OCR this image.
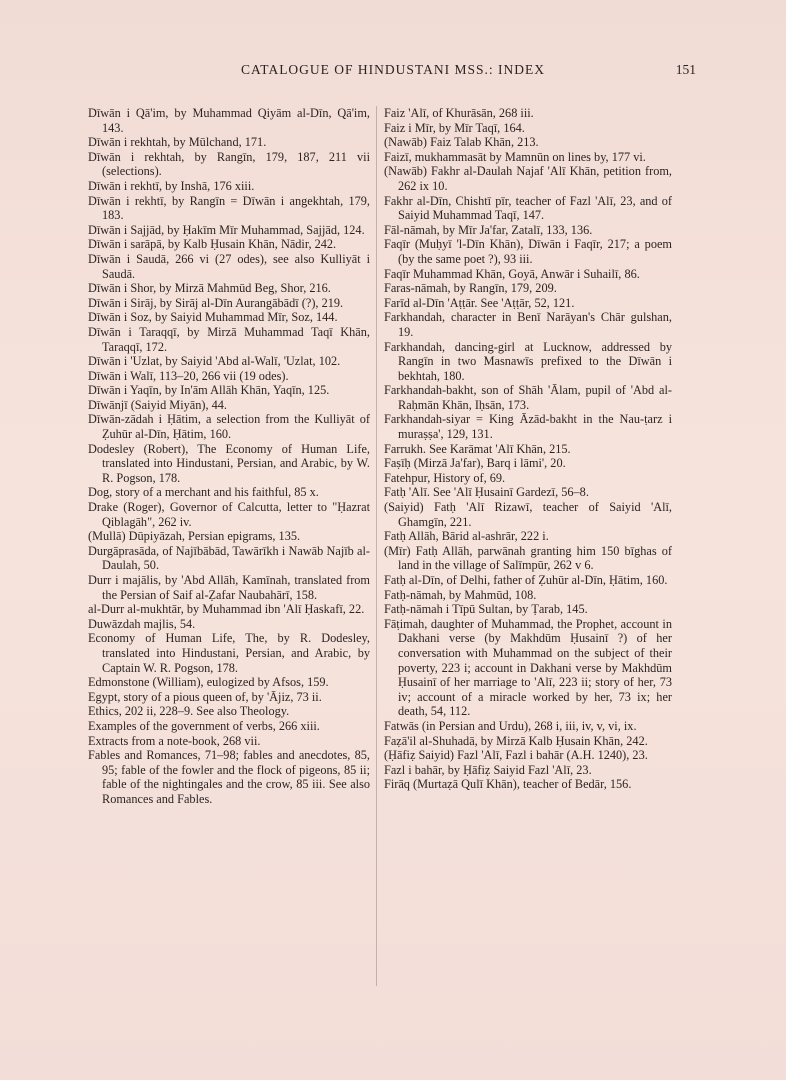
CATALOGUE OF HINDUSTANI MSS.: INDEX	151

Dīwān i Qā'im, by Muhammad Qiyām al-Dīn, Qā'im, 143.

Dīwān i rekhtah, by Mūlchand, 171.

Dīwān i rekhtah, by Rangīn, 179, 187, 211 vii (selections).

Dīwān i rekhtī, by Inshā, 176 xiii.

Dīwān i rekhtī, by Rangīn = Dīwān i angekhtah, 179, 183.

Dīwān i Sajjād, by Ḥakīm Mīr Muhammad, Sajjād, 124.

Dīwān i sarāpā, by Kalb Ḥusain Khān, Nādir, 242.

Dīwān i Saudā, 266 vi (27 odes), see also Kulliyāt i Saudā.

Dīwān i Shor, by Mirzā Mahmūd Beg, Shor, 216.

Dīwān i Sirāj, by Sirāj al-Dīn Aurangābādī (?), 219.

Dīwān i Soz, by Saiyid Muhammad Mīr, Soz, 144.

Dīwān i Taraqqī, by Mirzā Muhammad Taqī Khān, Taraqqī, 172.

Dīwān i 'Uzlat, by Saiyid 'Abd al-Walī, 'Uzlat, 102.

Dīwān i Walī, 113–20, 266 vii (19 odes).

Dīwān i Yaqīn, by In'ām Allāh Khān, Yaqīn, 125.

Dīwānjī (Saiyid Miyān), 44.

Dīwān-zādah i Ḥātim, a selection from the Kulliyāt of Ẓuhūr al-Dīn, Ḥātim, 160.

Dodesley (Robert), The Economy of Human Life, translated into Hindustani, Persian, and Arabic, by W. R. Pogson, 178.

Dog, story of a merchant and his faithful, 85 x.

Drake (Roger), Governor of Calcutta, letter to "Ḥazrat Qiblagāh", 262 iv.

(Mullā) Dūpiyāzah, Persian epigrams, 135.

Durgāprasāda, of Najībābād, Tawārīkh i Nawāb Najīb al-Daulah, 50.

Durr i majālis, by 'Abd Allāh, Kamīnah, translated from the Persian of Saif al-Ẓafar Naubahārī, 158.

al-Durr al-mukhtār, by Muhammad ibn 'Alī Ḥaskafī, 22.

Duwāzdah majlis, 54.

Economy of Human Life, The, by R. Dodesley, translated into Hindustani, Persian, and Arabic, by Captain W. R. Pogson, 178.

Edmonstone (William), eulogized by Afsos, 159.

Egypt, story of a pious queen of, by 'Ājiz, 73 ii.

Ethics, 202 ii, 228–9. See also Theology.

Examples of the government of verbs, 266 xiii.

Extracts from a note-book, 268 vii.

Fables and Romances, 71–98; fables and anecdotes, 85, 95; fable of the fowler and the flock of pigeons, 85 ii; fable of the nightingales and the crow, 85 iii. See also Romances and Fables.

Faiz 'Alī, of Khurāsān, 268 iii.

Faiz i Mīr, by Mīr Taqī, 164.

(Nawāb) Faiz Talab Khān, 213.

Faizī, mukhammasāt by Mamnūn on lines by, 177 vi.

(Nawāb) Fakhr al-Daulah Najaf 'Alī Khān, petition from, 262 ix 10.

Fakhr al-Dīn, Chishtī pīr, teacher of Fazl 'Alī, 23, and of Saiyid Muhammad Taqī, 147.

Fāl-nāmah, by Mīr Ja'far, Zatalī, 133, 136.

Faqīr (Muḥyī 'l-Dīn Khān), Dīwān i Faqīr, 217; a poem (by the same poet ?), 93 iii.

Faqīr Muhammad Khān, Goyā, Anwār i Suhailī, 86.

Faras-nāmah, by Rangīn, 179, 209.

Farīd al-Dīn 'Aṭṭār. See 'Aṭṭār, 52, 121.

Farkhandah, character in Benī Narāyan's Chār gulshan, 19.

Farkhandah, dancing-girl at Lucknow, addressed by Rangīn in two Masnawīs prefixed to the Dīwān i bekhtah, 180.

Farkhandah-bakht, son of Shāh 'Ālam, pupil of 'Abd al-Raḥmān Khān, Iḥsān, 173.

Farkhandah-siyar = King Āzād-bakht in the Nau-ṭarz i muraṣṣa', 129, 131.

Farrukh. See Karāmat 'Alī Khān, 215.

Faṣīḥ (Mirzā Ja'far), Barq i lāmi', 20.

Fatehpur, History of, 69.

Fatḥ 'Alī. See 'Alī Ḥusainī Gardezī, 56–8.

(Saiyid) Fatḥ 'Alī Rizawī, teacher of Saiyid 'Alī, Ghamgīn, 221.

Fatḥ Allāh, Bārid al-ashrār, 222 i.

(Mīr) Fatḥ Allāh, parwānah granting him 150 bīghas of land in the village of Salīmpūr, 262 v 6.

Fatḥ al-Dīn, of Delhi, father of Ẓuhūr al-Dīn, Ḥātim, 160.

Fatḥ-nāmah, by Mahmūd, 108.

Fatḥ-nāmah i Tīpū Sultan, by Ṭarab, 145.

Fāṭimah, daughter of Muhammad, the Prophet, account in Dakhani verse (by Makhdūm Ḥusainī ?) of her conversation with Muhammad on the subject of their poverty, 223 i; account in Dakhani verse by Makhdūm Ḥusainī of her marriage to 'Alī, 223 ii; story of her, 73 iv; account of a miracle worked by her, 73 ix; her death, 54, 112.

Fatwās (in Persian and Urdu), 268 i, iii, iv, v, vi, ix.

Faẓā'il al-Shuhadā, by Mirzā Kalb Ḥusain Khān, 242.

(Ḥāfiẓ Saiyid) Fazl 'Alī, Fazl i bahār (A.H. 1240), 23.

Fazl i bahār, by Ḥāfiẓ Saiyid Fazl 'Alī, 23.

Firāq (Murtaẓā Qulī Khān), teacher of Bedār, 156.
